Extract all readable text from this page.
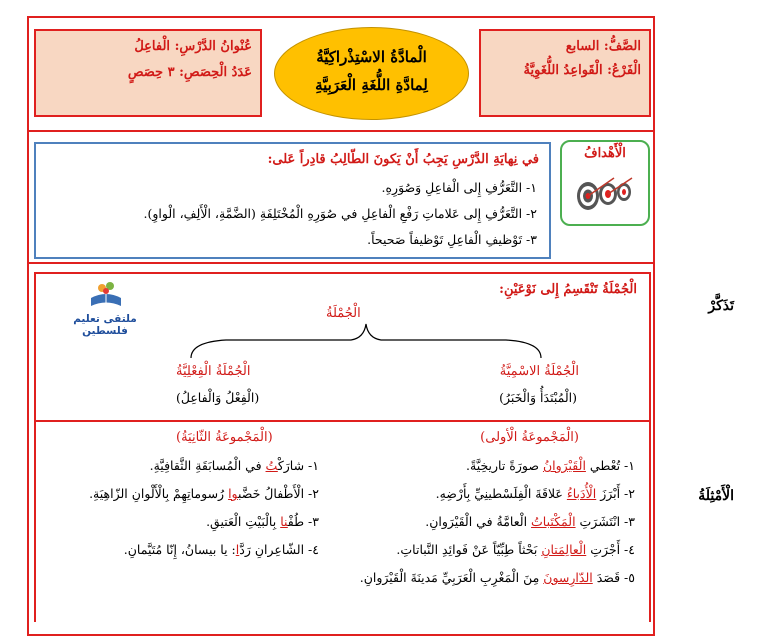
عُنْوانُ الدَّرْسِ: الْفاعِلُ
عَدَدُ الْحِصَصِ: ٣ حِصَصٍ
الْمادَّةُ الاسْتِذْراكِيَّةُ
لِمادَّةِ اللُّغَةِ الْعَرَبِيَّةِ
الصَّفُّ: السابع
الْفَرْعُ: الْقَواعِدُ اللُّغَوِيَّةُ
في نِهايَةِ الدَّرْسِ يَجِبُ أَنْ يَكونَ الطّالِبُ قادِراً عَلى:
١- التَّعَرُّفِ إِلى الْفاعِلِ وَصُوَرِهِ.
٢- التَّعَرُّفِ إِلى عَلاماتِ رَفْعِ الْفاعِلِ في صُوَرِهِ الْمُخْتَلِفَةِ (الضَّمَّةِ، الْأَلِفِ، الْواوِ).
٣- تَوْظيفِ الْفاعِلِ تَوْظيفاً صَحيحاً.
الْأَهْدافُ
تَذَكَّرْ
الْجُمْلَةُ تَنْقَسِمُ إِلى نَوْعَيْنِ:
ملتقى تعليم فلسطين
الْجُمْلَةُ
الْجُمْلَةُ الاسْمِيَّةُ
(الْمُبْتَدَأُ وَالْخَبَرُ)
الْجُمْلَةُ الْفِعْلِيَّةُ
(الْفِعْلُ وَالْفاعِلُ)
الْأَمْثِلَةُ
(الْمَجْموعَةُ الْأولى)
(الْمَجْموعَةُ الثّانِيَةُ)
١- تُعْطي الْقَيْرَوانُ صورَةً تاريخِيَّةً.
٢- أَبْرَزَ الْأُدَباءُ عَلاقَةَ الْفِلَسْطينِيِّ بِأَرْضِهِ.
٣- انْتَشَرَتِ الْمَكْتَباتُ الْعامَّةُ في الْقَيْرَوانِ.
٤- أَجْرَتِ الْعالِمَتانِ بَحْثاً طِبِّيّاً عَنْ فَوائِدِ النَّباتاتِ.
٥- قَصَدَ الدّارِسونَ مِنَ الْمَغْرِبِ الْعَرَبِيِّ مَدينَةَ الْقَيْرَوانِ.
١- شارَكْتُ في الْمُسابَقَةِ الثَّقافِيَّةِ.
٢- الْأَطْفالُ خَضَّبوا رُسوماتِهِمْ بِالْأَلْوانِ الزّاهِيَةِ.
٣- طُفْنا بِالْبَيْتِ الْعَتيقِ.
٤- الشّاعِرانِ رَدَّا: يا بيسانُ، إِنّا مُتَيَّمانِ.
